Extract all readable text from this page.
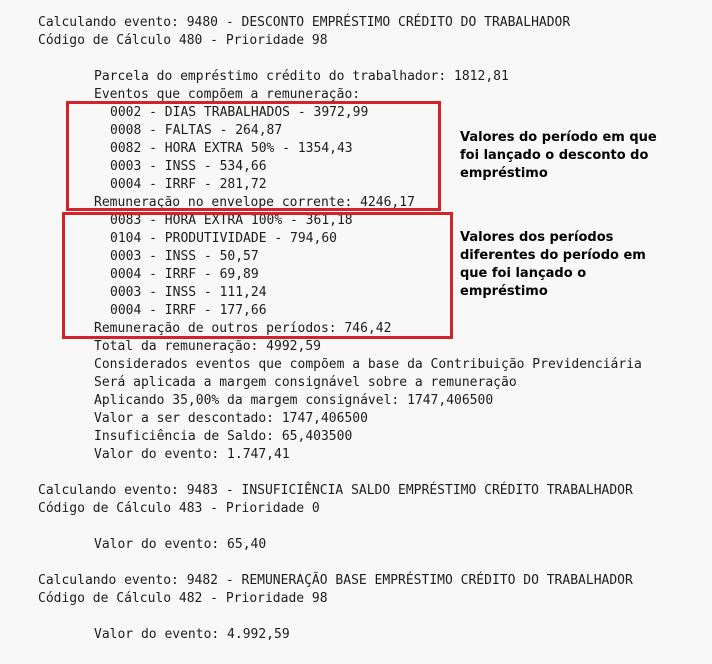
Calculando evento: 9480 - DESCONTO EMPRÉSTIMO CRÉDITO DO TRABALHADOR
Código de Cálculo 480 - Prioridade 98
Parcela do empréstimo crédito do trabalhador: 1812,81
Eventos que compõem a remuneração:
0002 - DIAS TRABALHADOS - 3972,99
0008 - FALTAS - 264,87
0082 - HORA EXTRA 50% - 1354,43
0003 - INSS - 534,66
0004 - IRRF - 281,72
Remuneração no envelope corrente: 4246,17
0083 - HORA EXTRA 100% - 361,18
0104 - PRODUTIVIDADE - 794,60
0003 - INSS - 50,57
0004 - IRRF - 69,89
0003 - INSS - 111,24
0004 - IRRF - 177,66
Remuneração de outros períodos: 746,42
Total da remuneração: 4992,59
Considerados eventos que compõem a base da Contribuição Previdenciária
Será aplicada a margem consignável sobre a remuneração
Aplicando 35,00% da margem consignável: 1747,406500
Valor a ser descontado: 1747,406500
Insuficiência de Saldo: 65,403500
Valor do evento: 1.747,41
Calculando evento: 9483 - INSUFICIÊNCIA SALDO EMPRÉSTIMO CRÉDITO TRABALHADOR
Código de Cálculo 483 - Prioridade 0
Valor do evento: 65,40
Calculando evento: 9482 - REMUNERAÇÃO BASE EMPRÉSTIMO CRÉDITO DO TRABALHADOR
Código de Cálculo 482 - Prioridade 98
Valor do evento: 4.992,59
Valores do período em que
foi lançado o desconto do
empréstimo
Valores dos períodos
diferentes do período em
que foi lançado o
empréstimo
